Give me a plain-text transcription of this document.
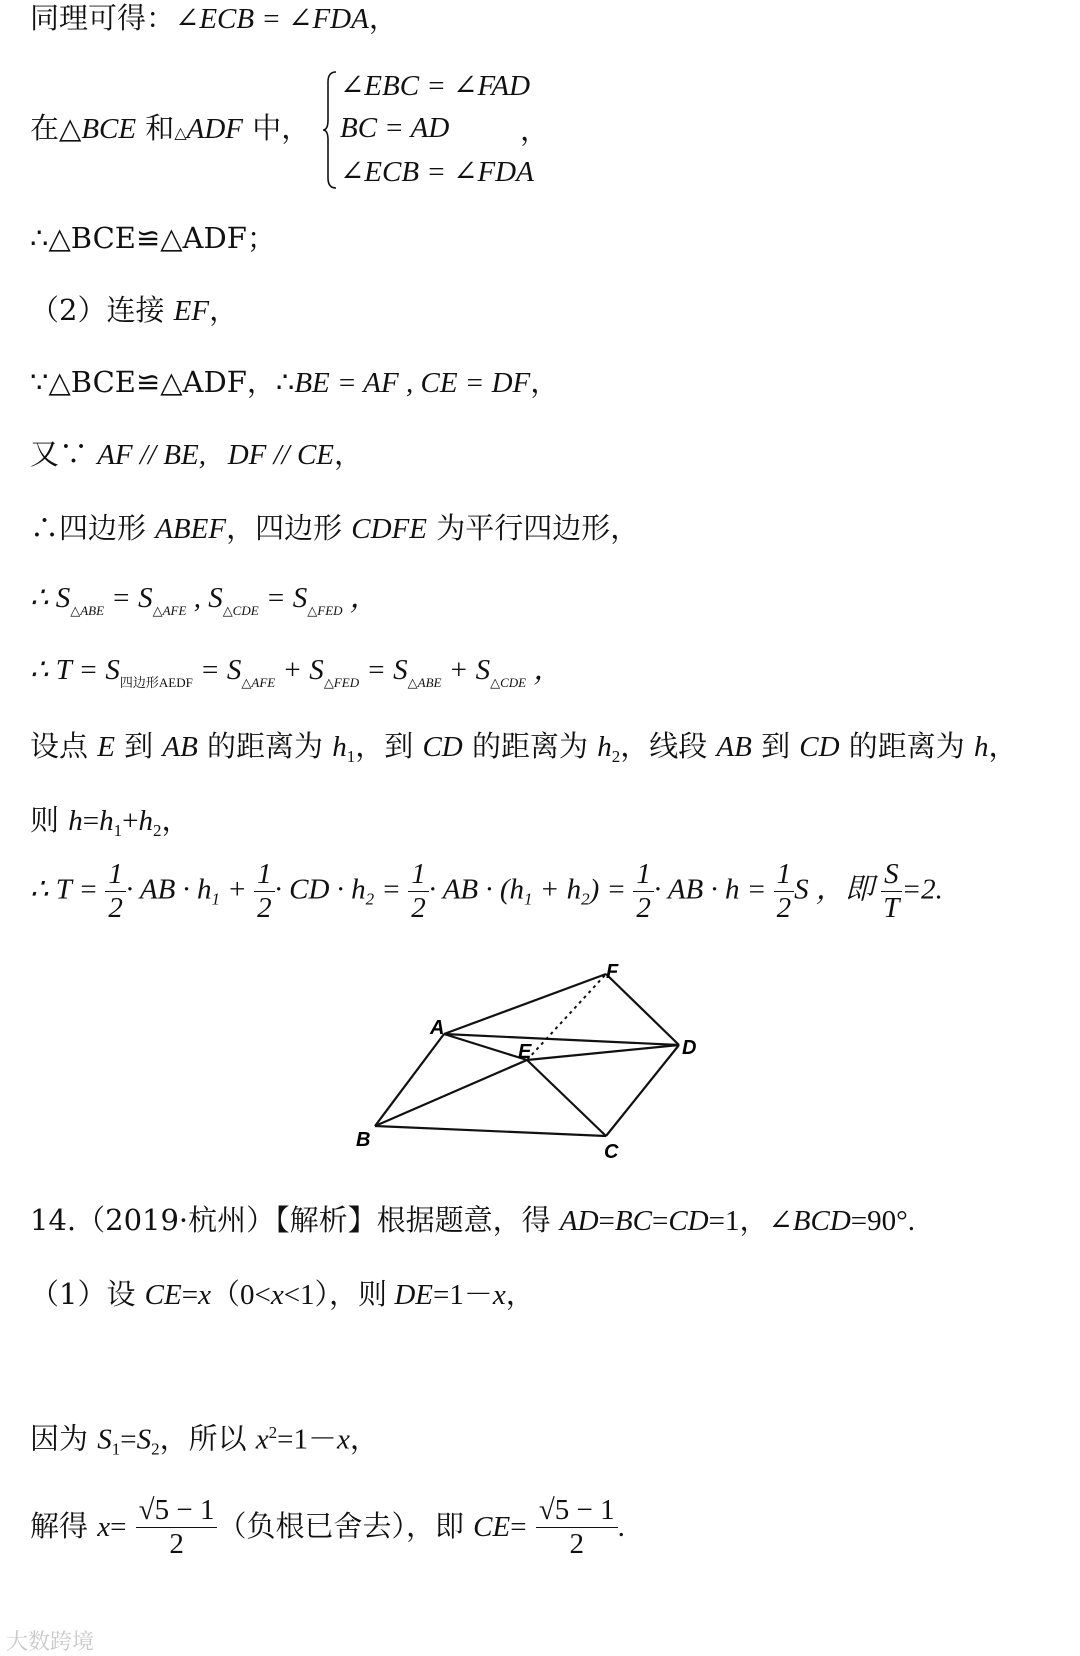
同理可得：∠ECB = ∠FDA，
在△BCE 和△ADF 中，
∠EBC = ∠FAD
BC = AD
∠ECB = ∠FDA
，
∴△BCE≌△ADF；
（2）连接 EF，
∵△BCE≌△ADF，∴BE = AF , CE = DF，
又∵ AF // BE,   DF // CE，
∴四边形 ABEF，四边形 CDFE 为平行四边形，
∴ $S_{\triangle ABE} = S_{\triangle AFE}$ , $S_{\triangle CDE} = S_{\triangle FED}$ ，
∴ $T = S_{四边形AEDF} = S_{\triangle AFE} + S_{\triangle FED} = S_{\triangle ABE} + S_{\triangle CDE}$ ，
设点 E 到 AB 的距离为 $h_1$，到 CD 的距离为 $h_2$，线段 AB 到 CD 的距离为 h，
则 $h=h_1+h_2$，
∴ $T = \frac{1}{2}$ · AB · $h_1 + \frac{1}{2}$ · CD · $h_2 = \frac{1}{2}$ · AB · $(h_1 + h_2) = \frac{1}{2}$ · AB · $h = \frac{1}{2}$ S ，即 $\frac{S}{T} =2$.
A
B
C
D
E
F
14.（2019·杭州）【解析】根据题意，得 AD=BC=CD=1，∠BCD=90°.
（1）设 CE=x（0<x<1），则 DE=1－x，
因为 $S_1=S_2$，所以 $x^2=1-x$，
解得 $x= \frac{√5 - 1}{2}$ （负根已舍去），即 $CE= \frac{√5 - 1}{2}$ .
大数跨境
